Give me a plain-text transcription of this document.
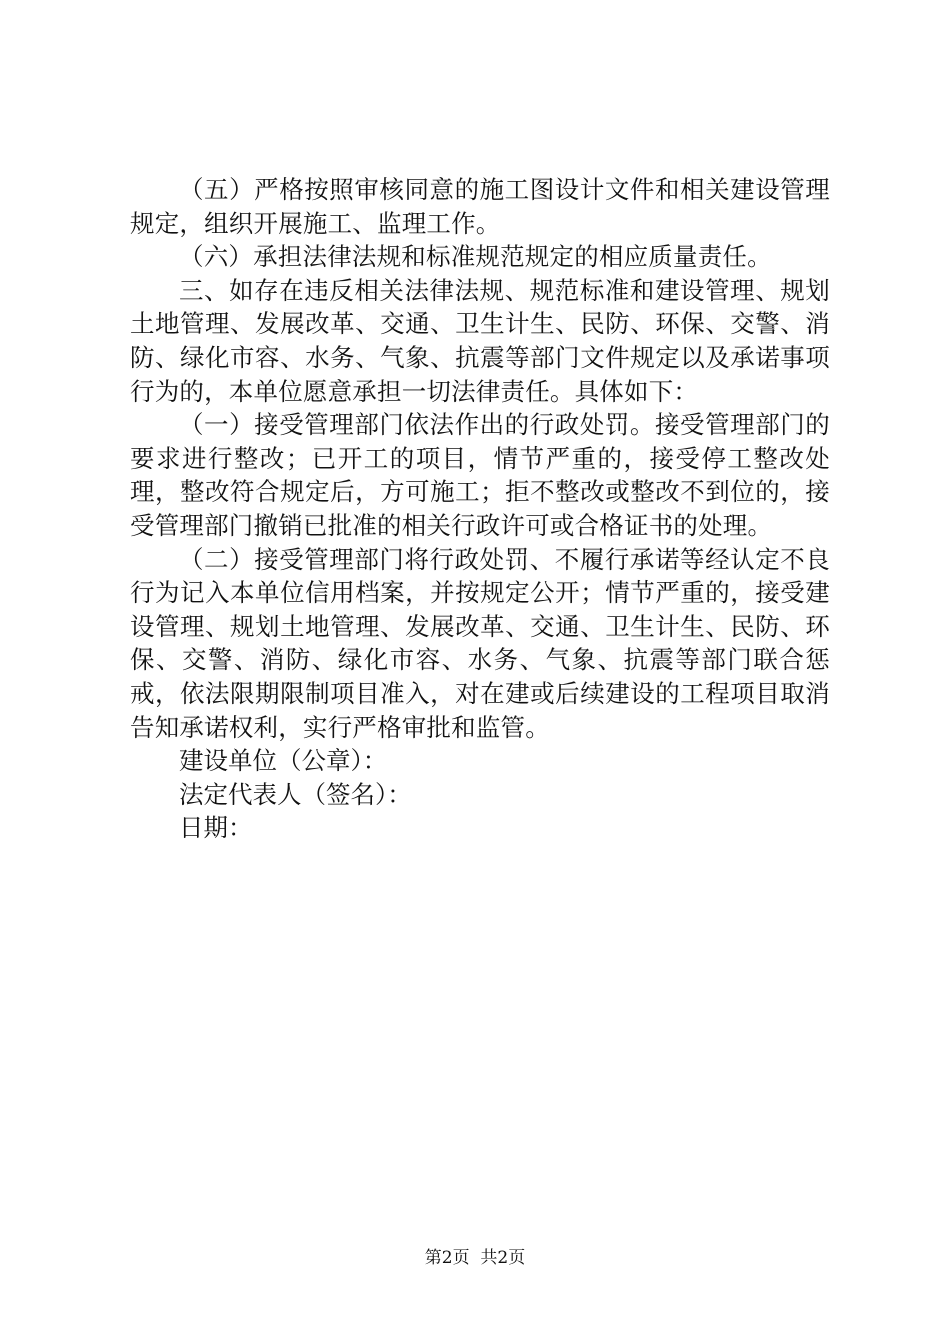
（五）严格按照审核同意的施工图设计文件和相关建设管理规定，组织开展施工、监理工作。

（六）承担法律法规和标准规范规定的相应质量责任。

三、如存在违反相关法律法规、规范标准和建设管理、规划土地管理、发展改革、交通、卫生计生、民防、环保、交警、消防、绿化市容、水务、气象、抗震等部门文件规定以及承诺事项行为的，本单位愿意承担一切法律责任。具体如下：

（一）接受管理部门依法作出的行政处罚。接受管理部门的要求进行整改；已开工的项目，情节严重的，接受停工整改处理，整改符合规定后，方可施工；拒不整改或整改不到位的，接受管理部门撤销已批准的相关行政许可或合格证书的处理。

（二）接受管理部门将行政处罚、不履行承诺等经认定不良行为记入本单位信用档案，并按规定公开；情节严重的，接受建设管理、规划土地管理、发展改革、交通、卫生计生、民防、环保、交警、消防、绿化市容、水务、气象、抗震等部门联合惩戒，依法限期限制项目准入，对在建或后续建设的工程项目取消告知承诺权利，实行严格审批和监管。

建设单位（公章）：

法定代表人（签名）：

日期：

第2页  共2页
